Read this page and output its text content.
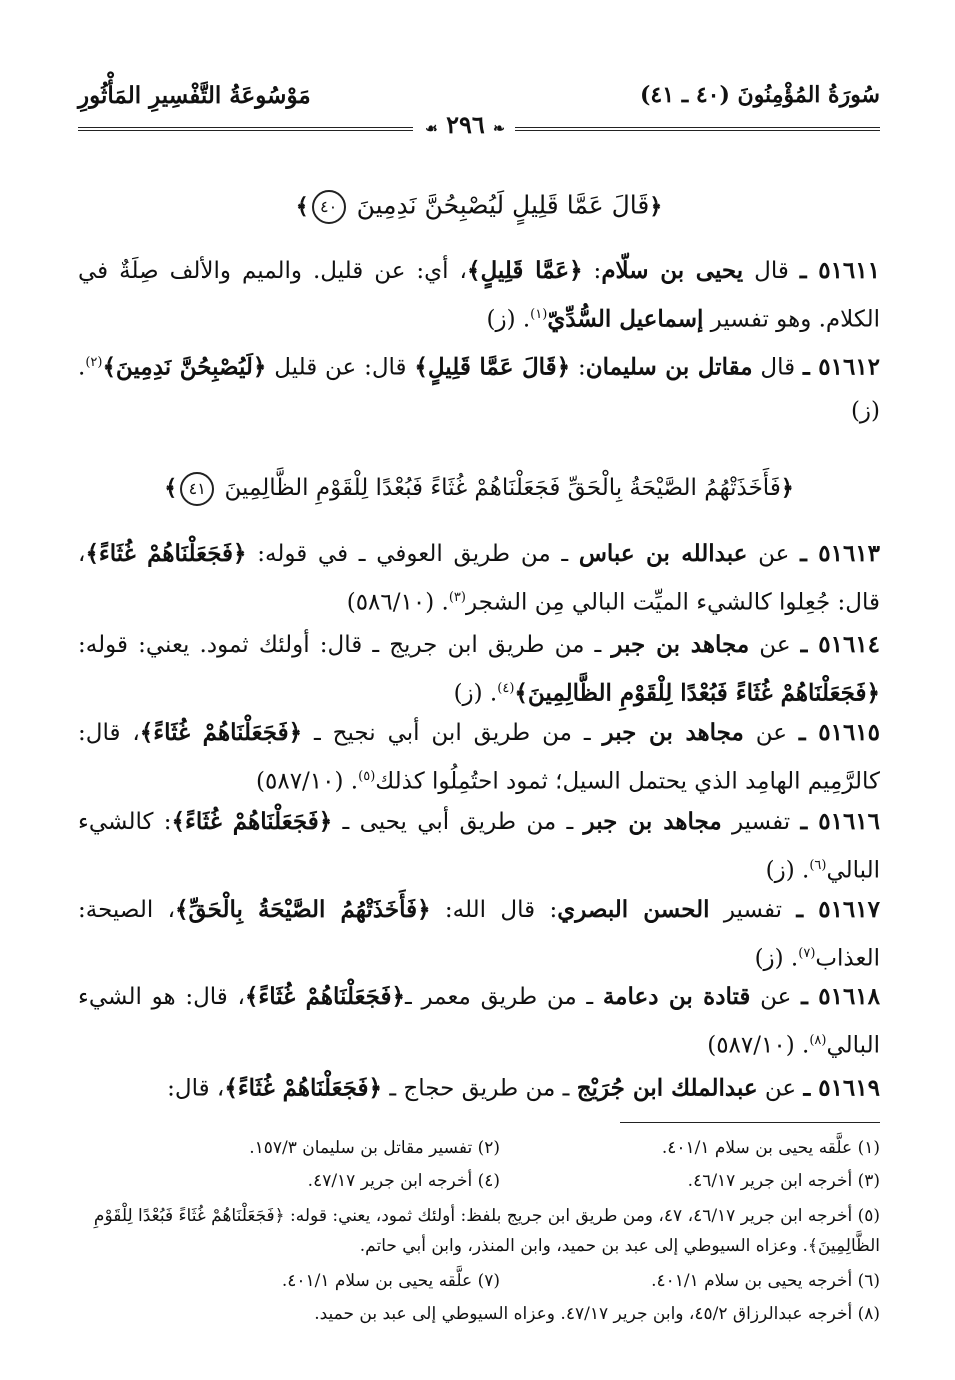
سُورَةُ المُؤْمِنُونَ (٤٠ ـ ٤١)
مَوْسُوعَةُ التَّفْسِيرِ المَأْثُورِ
❧ ٢٩٦ ☙
﴿قَالَ عَمَّا قَلِيلٍ لَيُصْبِحُنَّ نَدِمِينَ ٤٠﴾
٥١٦١١ ـ قال يحيى بن سلّام: ﴿عَمَّا قَلِيلٍ﴾، أي: عن قليل. والميم والألف صِلَةٌ في الكلام. وهو تفسير إسماعيل السُّدِّيّ$^{(١)}$. (ز)
٥١٦١٢ ـ قال مقاتل بن سليمان: ﴿قَالَ عَمَّا قَلِيلٍ﴾ قال: عن قليل ﴿لَيُصْبِحُنَّ نَدِمِينَ﴾$^{(٢)}$. (ز)
﴿فَأَخَذَتْهُمُ الصَّيْحَةُ بِالْحَقِّ فَجَعَلْنَاهُمْ غُثَاءً فَبُعْدًا لِلْقَوْمِ الظَّالِمِينَ ٤١﴾
٥١٦١٣ ـ عن عبدالله بن عباس ـ من طريق العوفي ـ في قوله: ﴿فَجَعَلْنَاهُمْ غُثَاءً﴾، قال: جُعِلوا كالشيء الميِّت البالي مِن الشجر$^{(٣)}$. (٥٨٦/١٠)
٥١٦١٤ ـ عن مجاهد بن جبر ـ من طريق ابن جريج ـ قال: أولئك ثمود. يعني: قوله: ﴿فَجَعَلْنَاهُمْ غُثَاءً فَبُعْدًا لِلْقَوْمِ الظَّالِمِينَ﴾$^{(٤)}$. (ز)
٥١٦١٥ ـ عن مجاهد بن جبر ـ من طريق ابن أبي نجيح ـ ﴿فَجَعَلْنَاهُمْ غُثَاءً﴾، قال: كالرَّمِيم الهامِد الذي يحتمل السيل؛ ثمود احتُمِلُوا كذلك$^{(٥)}$. (٥٨٧/١٠)
٥١٦١٦ ـ تفسير مجاهد بن جبر ـ من طريق أبي يحيى ـ ﴿فَجَعَلْنَاهُمْ غُثَاءً﴾: كالشيء البالي$^{(٦)}$. (ز)
٥١٦١٧ ـ تفسير الحسن البصري: قال الله: ﴿فَأَخَذَتْهُمُ الصَّيْحَةُ بِالْحَقِّ﴾، الصيحة: العذاب$^{(٧)}$. (ز)
٥١٦١٨ ـ عن قتادة بن دعامة ـ من طريق معمر ـ﴿فَجَعَلْنَاهُمْ غُثَاءً﴾، قال: هو الشيء البالي$^{(٨)}$. (٥٨٧/١٠)
٥١٦١٩ ـ عن عبدالملك ابن جُرَيْج ـ من طريق حجاج ـ ﴿فَجَعَلْنَاهُمْ غُثَاءً﴾، قال:
(١) علَّقه يحيى بن سلام ٤٠١/١.
(٢) تفسير مقاتل بن سليمان ١٥٧/٣.
(٣) أخرجه ابن جرير ٤٦/١٧.
(٤) أخرجه ابن جرير ٤٧/١٧.
(٥) أخرجه ابن جرير ٤٦/١٧، ٤٧، ومن طريق ابن جريج بلفظ: أولئك ثمود، يعني: قوله: ﴿فَجَعَلْنَاهُمْ غُثَاءً فَبُعْدًا لِلْقَوْمِ الظَّالِمِينَ﴾. وعزاه السيوطي إلى عبد بن حميد، وابن المنذر، وابن أبي حاتم.
(٦) أخرجه يحيى بن سلام ٤٠١/١.
(٧) علَّقه يحيى بن سلام ٤٠١/١.
(٨) أخرجه عبدالرزاق ٤٥/٢، وابن جرير ٤٧/١٧. وعزاه السيوطي إلى عبد بن حميد.
